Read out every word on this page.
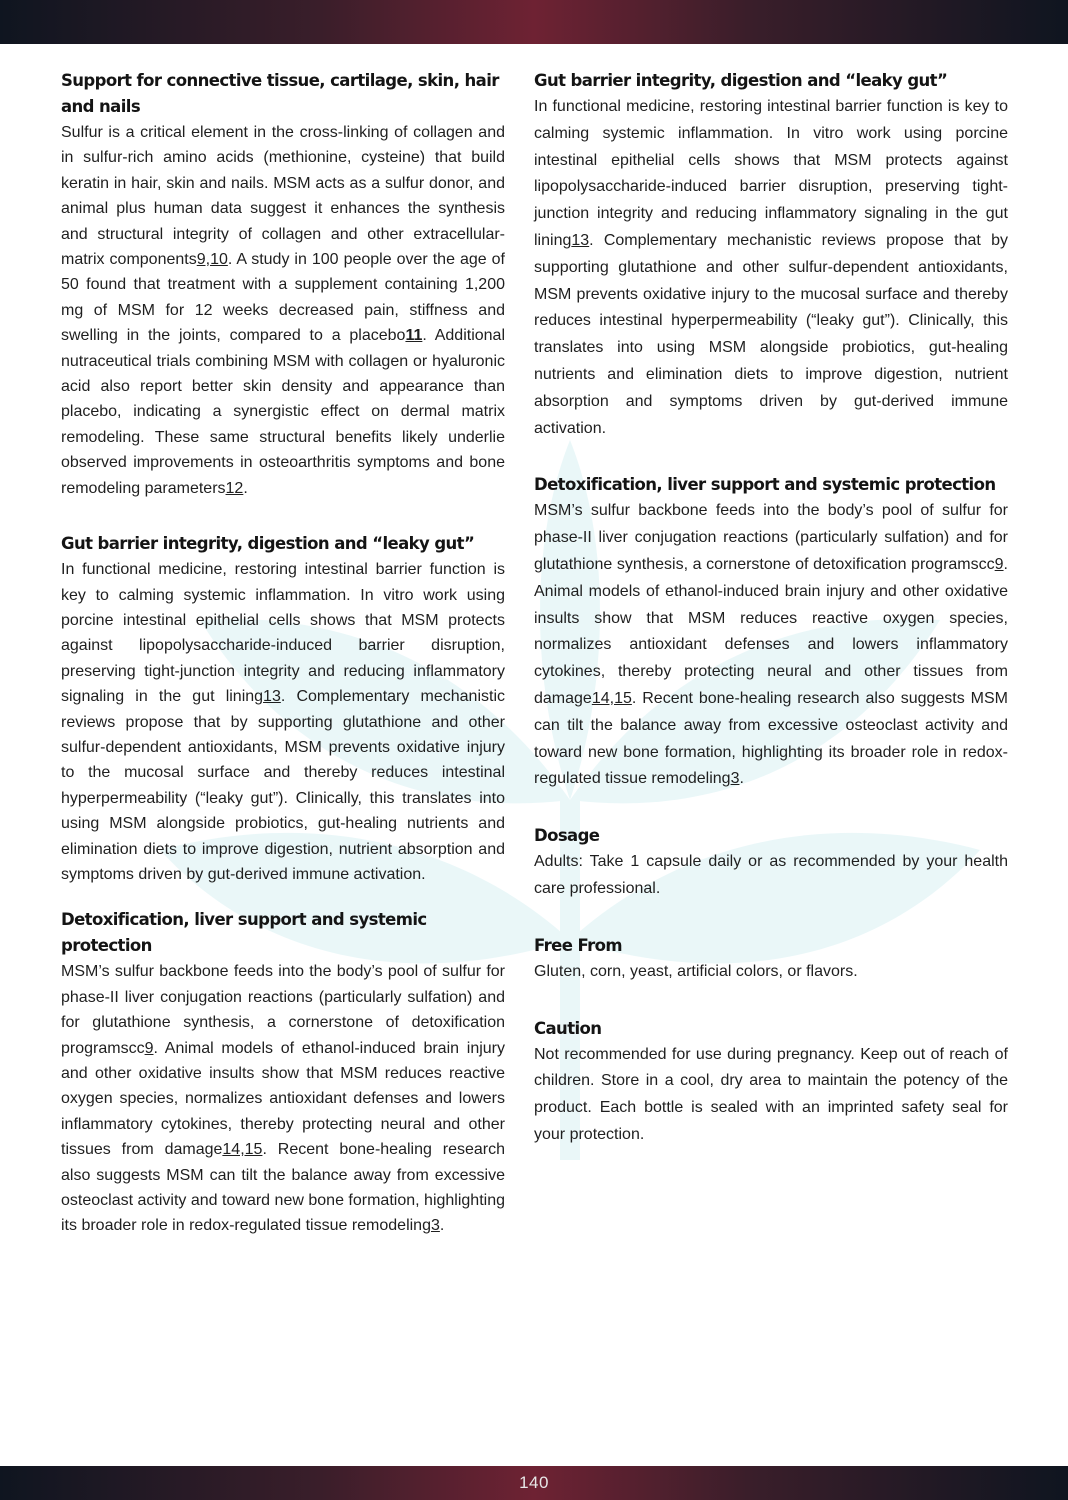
Support for connective tissue, cartilage, skin, hair and nails

Sulfur is a critical element in the cross-linking of collagen and in sulfur-rich amino acids (methionine, cysteine) that build keratin in hair, skin and nails. MSM acts as a sulfur donor, and animal plus human data suggest it enhances the synthesis and structural integrity of collagen and other extracellular-matrix components9,10. A study in 100 people over the age of 50 found that treatment with a supplement containing 1,200 mg of MSM for 12 weeks decreased pain, stiffness and swelling in the joints, compared to a placebo11. Additional nutraceutical trials combining MSM with collagen or hyaluronic acid also report better skin density and appearance than placebo, indicating a synergistic effect on dermal matrix remodeling. These same structural benefits likely underlie observed improvements in osteoarthritis symptoms and bone remodeling parameters12.

Gut barrier integrity, digestion and “leaky gut”

In functional medicine, restoring intestinal barrier function is key to calming systemic inflammation. In vitro work using porcine intestinal epithelial cells shows that MSM protects against lipopolysaccharide-induced barrier disruption, preserving tight-junction integrity and reducing inflammatory signaling in the gut lining13. Complementary mechanistic reviews propose that by supporting glutathione and other sulfur-dependent antioxidants, MSM prevents oxidative injury to the mucosal surface and thereby reduces intestinal hyperpermeability (“leaky gut”). Clinically, this translates into using MSM alongside probiotics, gut-healing nutrients and elimination diets to improve digestion, nutrient absorption and symptoms driven by gut-derived immune activation.

Detoxification, liver support and systemic protection

MSM’s sulfur backbone feeds into the body’s pool of sulfur for phase-II liver conjugation reactions (particularly sulfation) and for glutathione synthesis, a cornerstone of detoxification programscc9. Animal models of ethanol-induced brain injury and other oxidative insults show that MSM reduces reactive oxygen species, normalizes antioxidant defenses and lowers inflammatory cytokines, thereby protecting neural and other tissues from damage14,15. Recent bone-healing research also suggests MSM can tilt the balance away from excessive osteoclast activity and toward new bone formation, highlighting its broader role in redox-regulated tissue remodeling3.

Gut barrier integrity, digestion and “leaky gut”

In functional medicine, restoring intestinal barrier function is key to calming systemic inflammation. In vitro work using porcine intestinal epithelial cells shows that MSM protects against lipopolysaccharide-induced barrier disruption, preserving tight-junction integrity and reducing inflammatory signaling in the gut lining13. Complementary mechanistic reviews propose that by supporting glutathione and other sulfur-dependent antioxidants, MSM prevents oxidative injury to the mucosal surface and thereby reduces intestinal hyperpermeability (“leaky gut”). Clinically, this translates into using MSM alongside probiotics, gut-healing nutrients and elimination diets to improve digestion, nutrient absorption and symptoms driven by gut-derived immune activation.

Detoxification, liver support and systemic protection

MSM’s sulfur backbone feeds into the body’s pool of sulfur for phase-II liver conjugation reactions (particularly sulfation) and for glutathione synthesis, a cornerstone of detoxification programscc9. Animal models of ethanol-induced brain injury and other oxidative insults show that MSM reduces reactive oxygen species, normalizes antioxidant defenses and lowers inflammatory cytokines, thereby protecting neural and other tissues from damage14,15. Recent bone-healing research also suggests MSM can tilt the balance away from excessive osteoclast activity and toward new bone formation, highlighting its broader role in redox-regulated tissue remodeling3.

Dosage

Adults: Take 1 capsule daily or as recommended by your health care professional.

Free From

Gluten, corn, yeast, artificial colors, or flavors.

Caution

Not recommended for use during pregnancy. Keep out of reach of children. Store in a cool, dry area to maintain the potency of the product. Each bottle is sealed with an imprinted safety seal for your protection.

140
